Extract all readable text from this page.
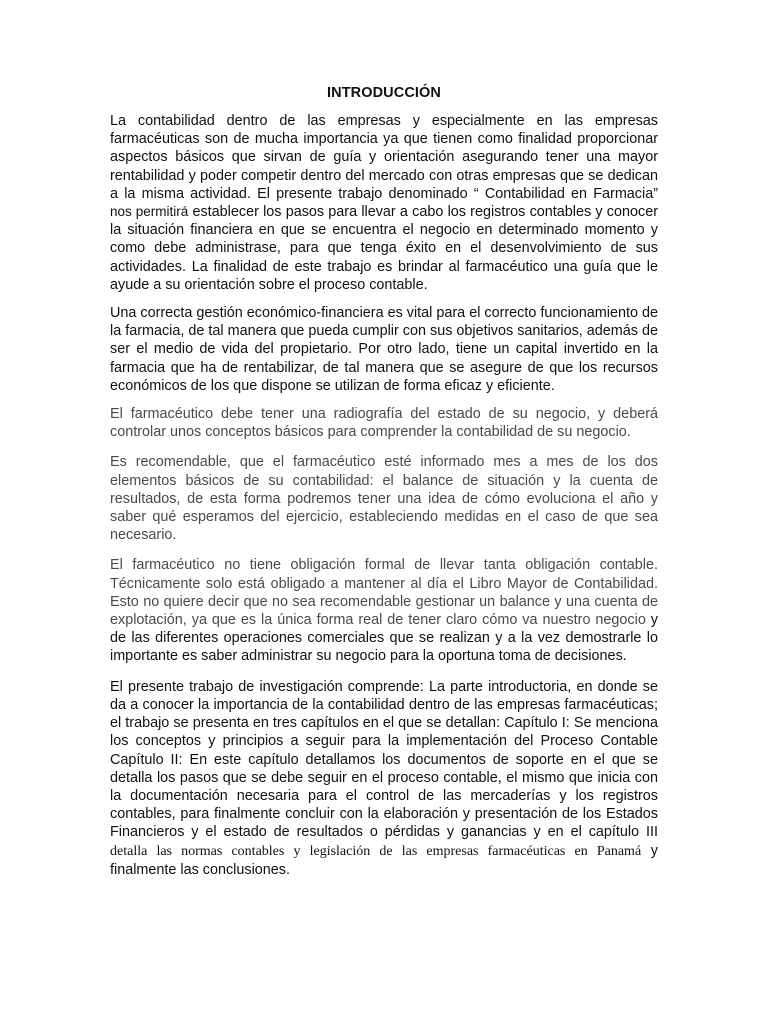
INTRODUCCIÓN

La contabilidad dentro de las empresas y especialmente en las empresas farmacéuticas son de mucha importancia ya que tienen como finalidad proporcionar aspectos básicos que sirvan de guía y orientación asegurando tener una mayor rentabilidad y poder competir dentro del mercado con otras empresas que se dedican a la misma actividad. El presente trabajo denominado “ Contabilidad en Farmacia” nos permitirá establecer los pasos para llevar a cabo los registros contables y conocer la situación financiera en que se encuentra el negocio en determinado momento y como debe administrase, para que tenga éxito en el desenvolvimiento de sus actividades. La finalidad de este trabajo es brindar al farmacéutico una guía que le ayude a su orientación sobre el proceso contable.

Una correcta gestión económico-financiera es vital para el correcto funcionamiento de la farmacia, de tal manera que pueda cumplir con sus objetivos sanitarios, además de ser el medio de vida del propietario. Por otro lado, tiene un capital invertido en la farmacia que ha de rentabilizar, de tal manera que se asegure de que los recursos económicos de los que dispone se utilizan de forma eficaz y eficiente.

El farmacéutico debe tener una radiografía del estado de su negocio, y deberá controlar unos conceptos básicos para comprender la contabilidad de su negocio.

Es recomendable, que el farmacéutico esté informado mes a mes de los dos elementos básicos de su contabilidad: el balance de situación y la cuenta de resultados, de esta forma podremos tener una idea de cómo evoluciona el año y saber qué esperamos del ejercicio, estableciendo medidas en el caso de que sea necesario.

El farmacéutico no tiene obligación formal de llevar tanta obligación contable. Técnicamente solo está obligado a mantener al día el Libro Mayor de Contabilidad. Esto no quiere decir que no sea recomendable gestionar un balance y una cuenta de explotación, ya que es la única forma real de tener claro cómo va nuestro negocio y de las diferentes operaciones comerciales que se realizan y a la vez demostrarle lo importante es saber administrar su negocio para la oportuna toma de decisiones.

El presente trabajo de investigación comprende: La parte introductoria, en donde se da a conocer la importancia de la contabilidad dentro de las empresas farmacéuticas; el trabajo se presenta en tres capítulos en el que se detallan: Capítulo I: Se menciona los conceptos y principios a seguir para la implementación del Proceso Contable Capítulo II: En este capítulo detallamos los documentos de soporte en el que se detalla los pasos que se debe seguir en el proceso contable, el mismo que inicia con la documentación necesaria para el control de las mercaderías y los registros contables, para finalmente concluir con la elaboración y presentación de los Estados Financieros y el estado de resultados o pérdidas y ganancias y en el capítulo III detalla las normas contables y legislación de las empresas farmacéuticas en Panamá y finalmente las conclusiones.
